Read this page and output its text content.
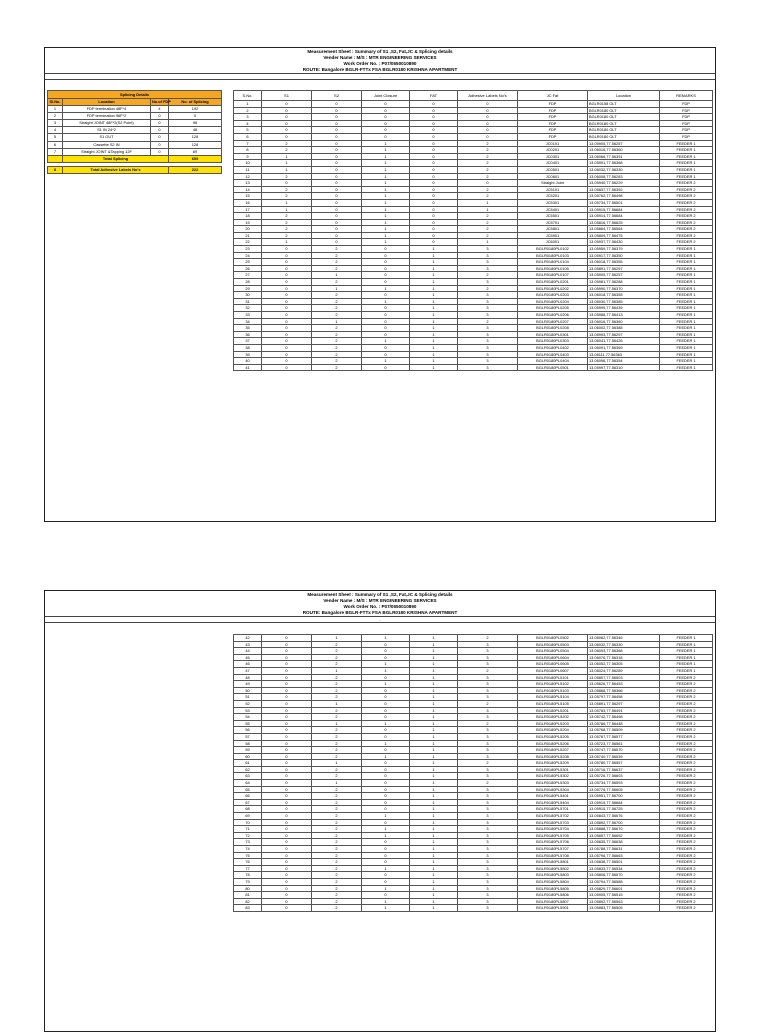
Measurement Sheet : Summary of S1 ,S2, Fat,JC & Splicing details
Vender Name : M/S : MTR ENGINEERING SERVICES
Work Order No. : P07/0550010890
ROUTE: Bangalore BGLR-FTTx FSA BGLR0180 KRISHNA APARTMENT
-
Splicing Details			
Sl.No.	Location	No.of FDP	No. of Splicing
1	FDP termination 48F*4	4	192
2	FDP termination 96F*2	0	0
3	Straight JOINT 48F*2(S2 Point)	0	96
4	S1 IN 24*2	0	48
5	S1 OUT	0	128
6	Cassette S2 IN	0	128
7	Straight JOINT &Tapping 12F	0	69
	Total Splicing		659

8	Total Adhesive Labels No's		222
S.No.	S1	S2	Joint Closure	FAT	Adhesive Labels No's	JC Fat	Location	REMARKS
1	0	0	0	0	0	FDP	BGLR0158 OLT	FDP
2	0	0	0	0	0	FDP	BGLR0180 OLT	FDP
3	0	0	0	0	0	FDP	BGLR0180 OLT	FDP
4	0	0	0	0	0	FDP	BGLR0180 OLT	FDP
5	0	0	0	0	0	FDP	BGLR0180 OLT	FDP
6	0	0	0	0	0	FDP	BGLR0180 OLT	FDP
7	2	0	1	0	2	JC0101	13.05905,77.56257	FEEDER 1
8	2	0	1	0	2	JC0201	13.06016,77.56360	FEEDER 1
9	1	0	1	0	2	JC0301	13.06066,77.56391	FEEDER 1
10	1	0	1	0	2	JC0401	13.05991,77.56368	FEEDER 1
11	1	0	1	0	2	JC0501	13.06032,77.56330	FEEDER 1
12	2	0	1	0	2	JC0601	13.06008,77.56283	FEEDER 1
13	0	0	1	0	0	Straight Joint	13.05940,77.56229	FEEDER 2
14	2	0	1	0	2	JC5101	13.05837,77.56392	FEEDER 2
15	2	0	1	0	2	JC5201	13.05762,77.56498	FEEDER 2
16	1	0	1	0	1	JC5301	13.05734,77.56501	FEEDER 2
17	1	0	1	0	1	JC5401	13.05915,77.56684	FEEDER 2
18	2	0	1	0	2	JC5501	13.05914,77.56684	FEEDER 2
19	2	0	1	0	2	JC5701	13.05816,77.56625	FEEDER 2
20	2	0	1	0	2	JC5801	13.05864,77.56564	FEEDER 2
21	2	0	1	0	2	JC5901	13.05809,77.56475	FEEDER 2
22	1	0	1	0	1	JC6001	13.05937,77.56430	FEEDER 2
23	0	2	0	1	3	BGLR0180PL0102	13.05959,77.56379	FEEDER 1
24	0	2	0	1	3	BGLR0180PL0103	13.05917,77.56350	FEEDER 1
25	0	2	0	1	3	BGLR0180PL0104	13.06018,77.56355	FEEDER 1
26	0	2	0	1	3	BGLR0180PL0105	13.05891,77.56297	FEEDER 1
27	0	1	0	1	2	BGLR0180PL0107	13.05905,77.56257	FEEDER 1
28	0	2	0	1	3	BGLR0180PL0201	13.05981,77.56288	FEEDER 1
29	0	1	1	1	2	BGLR0180PL0202	13.05990,77.56370	FEEDER 1
30	0	2	0	1	3	BGLR0180PL0203	13.06018,77.56355	FEEDER 1
31	0	2	1	1	3	BGLR0180PL0204	13.06030,77.56385	FEEDER 1
32	0	2	0	1	3	BGLR0180PL0205	13.05999,77.56439	FEEDER 1
33	0	2	0	1	3	BGLR0180PL0206	13.05988,77.56413	FEEDER 1
34	0	1	0	1	2	BGLR0180PL0207	13.06016,77.56360	FEEDER 1
35	0	2	0	1	3	BGLR0180PL0208	13.06002,77.56388	FEEDER 1
36	0	2	0	1	3	BGLR0180PL0301	13.05993,77.56297	FEEDER 1
37	0	2	1	1	3	BGLR0180PL0303	13.06041,77.56426	FEEDER 1
38	0	2	0	1	3	BGLR0180PL0402	13.06091,77.56369	FEEDER 1
39	0	2	0	1	3	BGLR0180PL0403	13.06111,77.56363	FEEDER 1
40	0	2	1	1	3	BGLR0180PL0404	13.06096,77.56354	FEEDER 1
41	0	2	0	1	3	BGLR0180PL0501	13.05997,77.56310	FEEDER 1
Measurement Sheet : Summary of S1 ,S2, Fat,JC & Splicing details
Vender Name : M/S : MTR ENGINEERING SERVICES
Work Order No. : P07/0550010890
ROUTE: Bangalore BGLR-FTTx FSA BGLR0180 KRISHNA APARTMENT
-
42	0	1	1	1	2	BGLR0180PL0502	13.06062,77.56346	FEEDER 1
43	0	2	0	1	3	BGLR0180PL0503	13.06032,77.56330	FEEDER 1
44	0	2	0	1	3	BGLR0180PL0504	13.06093,77.56368	FEEDER 1
45	0	2	0	1	3	BGLR0180PL0604	13.06076,77.56318	FEEDER 1
46	0	2	1	1	3	BGLR0180PL0605	13.06052,77.56305	FEEDER 1
47	0	1	1	1	2	BGLR0180PL0607	13.06024,77.56289	FEEDER 1
48	0	2	0	1	3	BGLR0180PL5101	13.05807,77.56503	FEEDER 2
49	0	2	1	1	3	BGLR0180PL5102	13.05626,77.56453	FEEDER 2
50	0	2	0	1	3	BGLR0180PL5103	13.05868,77.56366	FEEDER 2
51	0	2	0	1	3	BGLR0180PL5104	13.05797,77.56458	FEEDER 2
52	0	1	0	1	2	BGLR0180PL5105	13.05891,77.56297	FEEDER 2
53	0	2	0	1	3	BGLR0180PL5201	13.05783,77.56491	FEEDER 2
54	0	2	0	1	3	BGLR0180PL5202	13.05742,77.56498	FEEDER 2
55	0	1	1	1	2	BGLR0180PL5203	13.05786,77.56448	FEEDER 2
56	0	2	0	1	3	BGLR0180PL5204	13.05768,77.56509	FEEDER 2
57	0	2	0	1	3	BGLR0180PL5205	13.05767,77.56577	FEEDER 2
58	0	2	1	1	3	BGLR0180PL5206	13.05723,77.56561	FEEDER 2
59	0	2	0	1	3	BGLR0180PL5207	13.05747,77.56570	FEEDER 2
60	0	2	1	1	3	BGLR0180PL5208	13.05740,77.56539	FEEDER 2
61	0	1	0	1	2	BGLR0180PL5209	13.05780,77.56557	FEEDER 2
62	0	2	0	1	3	BGLR0180PL5301	13.05716,77.56637	FEEDER 2
63	0	2	0	1	3	BGLR0180PL5302	13.05726,77.56603	FEEDER 2
64	0	1	0	1	2	BGLR0180PL5303	13.05734,77.56593	FEEDER 2
65	0	2	0	1	3	BGLR0180PL5304	13.05776,77.56605	FEEDER 2
66	0	2	0	1	3	BGLR0180PL5401	13.05951,77.56700	FEEDER 2
67	0	2	0	1	3	BGLR0180PL5404	13.05915,77.56684	FEEDER 2
68	0	2	0	1	3	BGLR0180PL5701	13.05915,77.56725	FEEDER 2
69	0	2	1	1	3	BGLR0180PL5702	13.05843,77.56676	FEEDER 2
70	0	2	0	1	3	BGLR0180PL5703	13.05892,77.56700	FEEDER 2
71	0	2	1	1	3	BGLR0180PL5704	13.05888,77.56670	FEEDER 2
72	0	2	1	1	3	BGLR0180PL5705	13.05857,77.56652	FEEDER 2
73	0	2	0	1	3	BGLR0180PL5706	13.05835,77.56638	FEEDER 2
74	0	2	0	1	3	BGLR0180PL5707	13.05788,77.56631	FEEDER 2
75	0	2	0	1	3	BGLR0180PL5708	13.05796,77.56663	FEEDER 2
76	0	2	0	1	3	BGLR0180PL5801	13.05838,77.56501	FEEDER 2
77	0	2	1	1	3	BGLR0180PL5802	13.05833,77.56534	FEEDER 2
78	0	2	0	1	3	BGLR0180PL5803	13.05806,77.56570	FEEDER 2
79	0	2	0	1	3	BGLR0180PL5804	13.05794,77.56588	FEEDER 2
80	0	2	1	1	3	BGLR0180PL5805	13.05829,77.56601	FEEDER 2
81	0	2	0	1	3	BGLR0180PL5806	13.05905,77.56515	FEEDER 2
82	0	2	1	1	3	BGLR0180PL5807	13.05892,77.56563	FEEDER 2
83	0	2	1	1	3	BGLR0180PL5901	13.05883,77.56505	FEEDER 2
